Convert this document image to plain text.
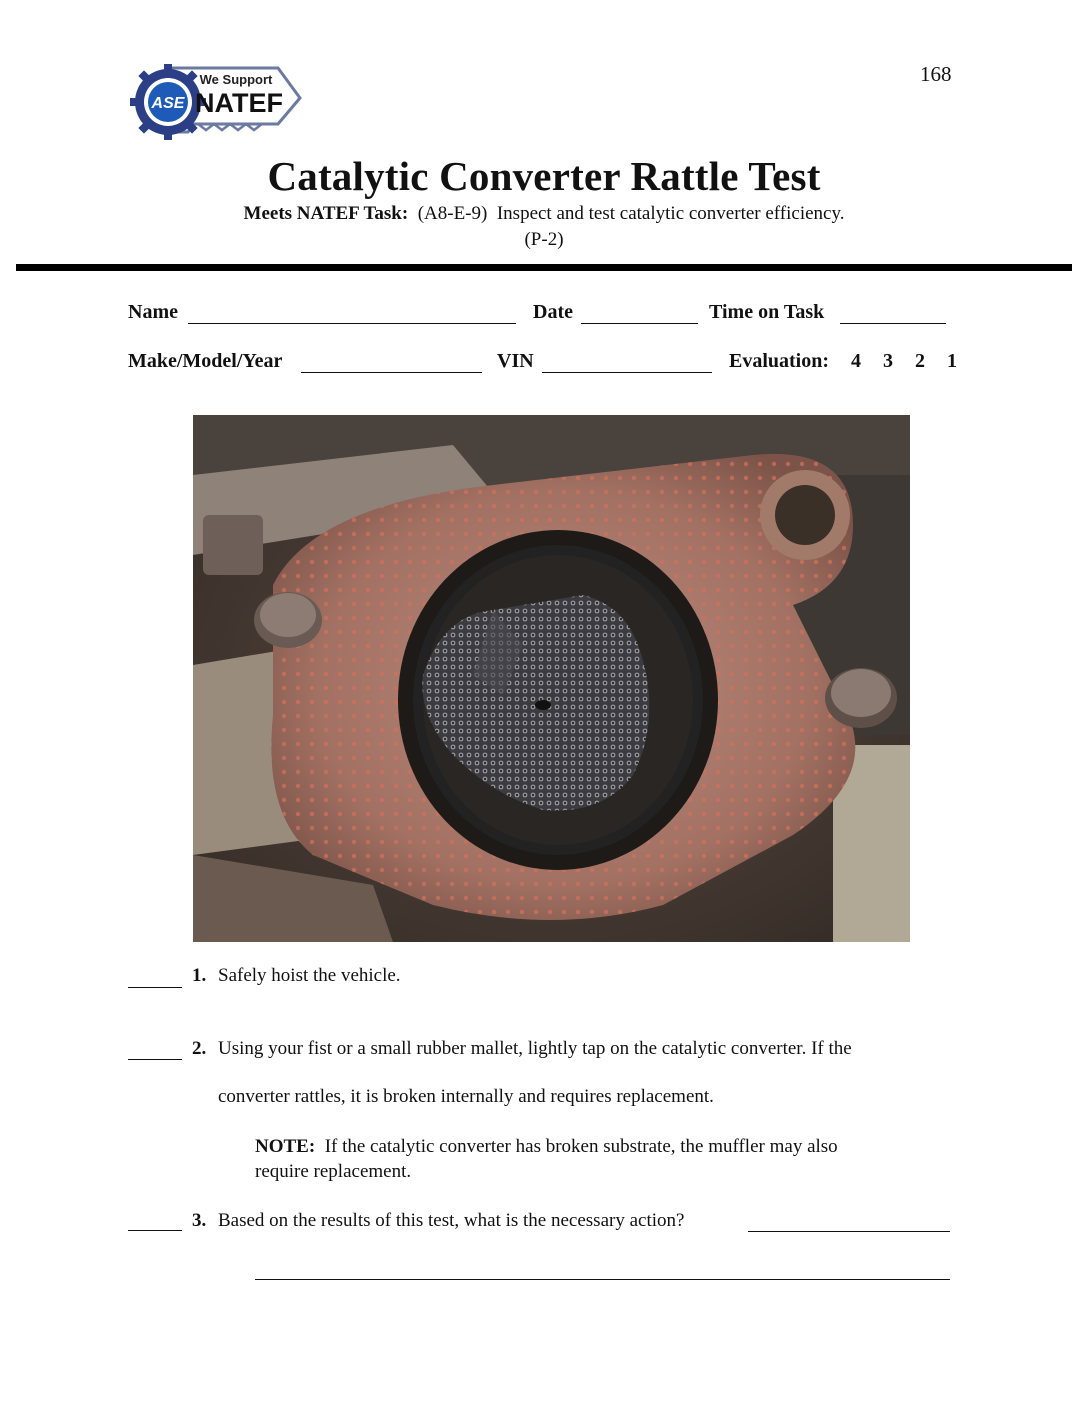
168
ASE
We Support
NATEF
Catalytic Converter Rattle Test
Meets NATEF Task: (A8-E-9) Inspect and test catalytic converter efficiency.
(P-2)
Name	Date	Time on Task
Make/Model/Year	VIN	Evaluation:	4 3 2 1
1. Safely hoist the vehicle.
2. Using your fist or a small rubber mallet, lightly tap on the catalytic converter. If the
converter rattles, it is broken internally and requires replacement.
NOTE: If the catalytic converter has broken substrate, the muffler may also
require replacement.
3. Based on the results of this test, what is the necessary action?
